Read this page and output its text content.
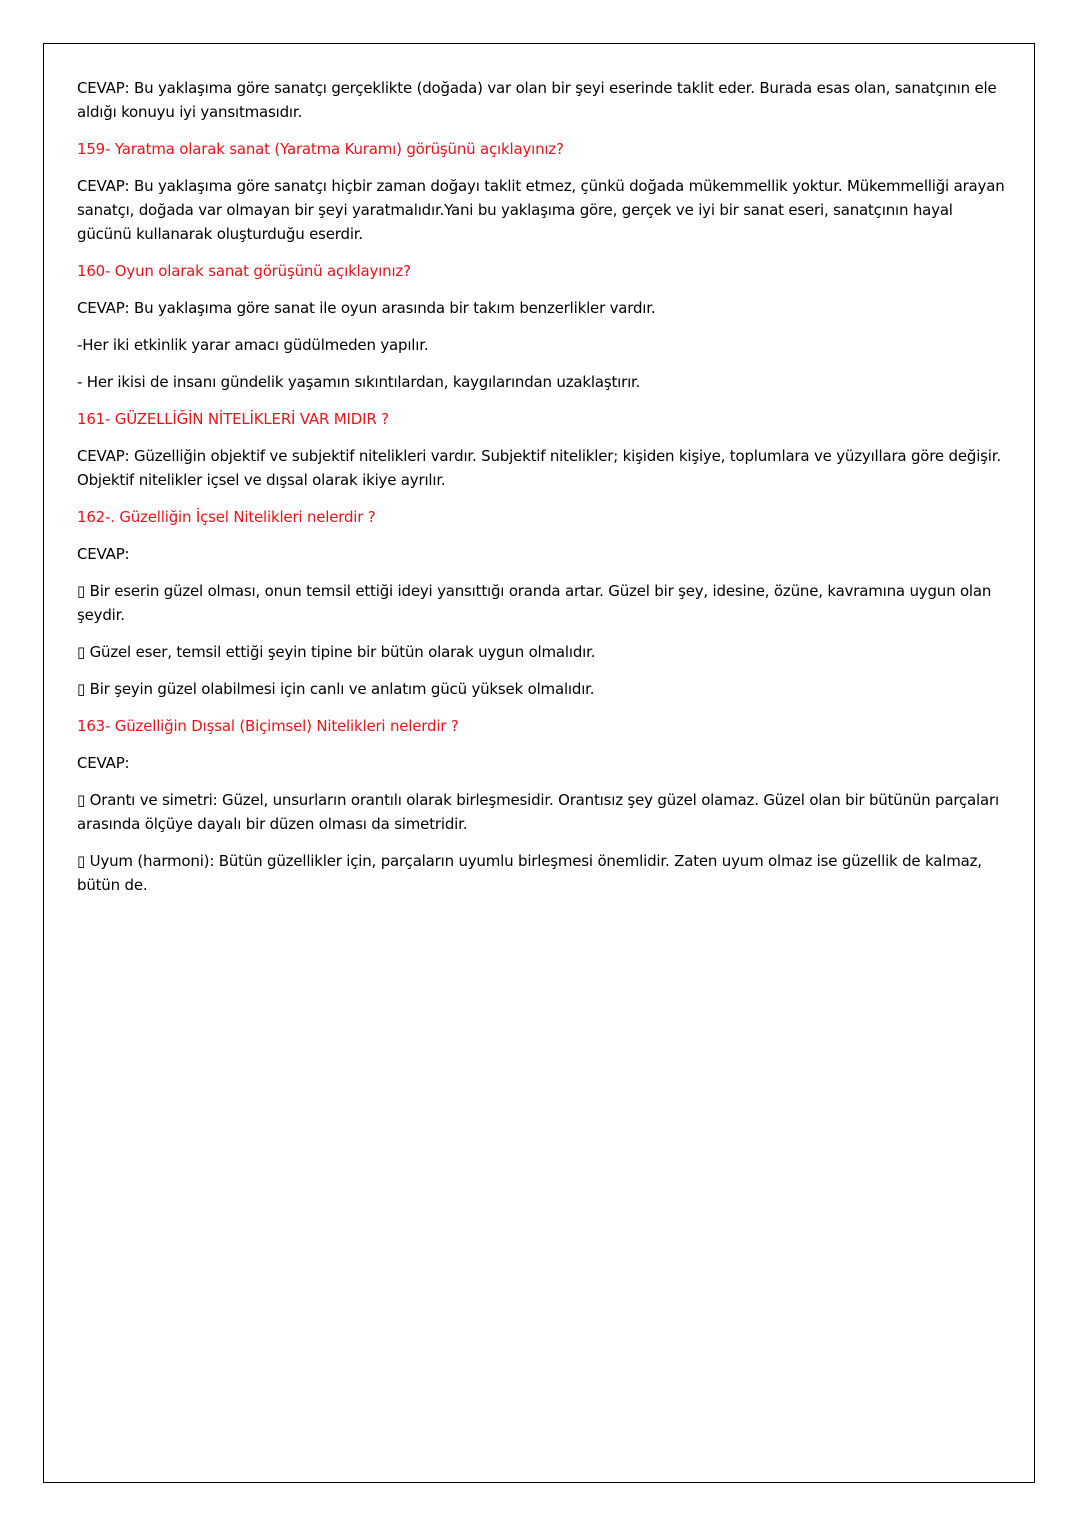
CEVAP: Bu yaklaşıma göre sanatçı gerçeklikte (doğada) var olan bir şeyi eserinde taklit eder. Burada esas olan, sanatçının ele aldığı konuyu iyi yansıtmasıdır.

159- Yaratma olarak sanat (Yaratma Kuramı) görüşünü açıklayınız?

CEVAP: Bu yaklaşıma göre sanatçı hiçbir zaman doğayı taklit etmez, çünkü doğada mükemmellik yoktur. Mükemmelliği arayan sanatçı, doğada var olmayan bir şeyi yaratmalıdır.Yani bu yaklaşıma göre, gerçek ve iyi bir sanat eseri, sanatçının hayal gücünü kullanarak oluşturduğu eserdir.

160- Oyun olarak sanat görüşünü açıklayınız?

CEVAP: Bu yaklaşıma göre sanat ile oyun arasında bir takım benzerlikler vardır.

-Her iki etkinlik yarar amacı güdülmeden yapılır.

- Her ikisi de insanı gündelik yaşamın sıkıntılardan, kaygılarından uzaklaştırır.

161- GÜZELLİĞİN NİTELİKLERİ VAR MIDIR ?

CEVAP: Güzelliğin objektif ve subjektif nitelikleri vardır. Subjektif nitelikler; kişiden kişiye, toplumlara ve yüzyıllara göre değişir. Objektif nitelikler içsel ve dışsal olarak ikiye ayrılır.

162-. Güzelliğin İçsel Nitelikleri nelerdir ?

CEVAP:

▯ Bir eserin güzel olması, onun temsil ettiği ideyi yansıttığı oranda artar. Güzel bir şey, idesine, özüne, kavramına uygun olan şeydir.

▯ Güzel eser, temsil ettiği şeyin tipine bir bütün olarak uygun olmalıdır.

▯ Bir şeyin güzel olabilmesi için canlı ve anlatım gücü yüksek olmalıdır.

163- Güzelliğin Dışsal (Biçimsel) Nitelikleri nelerdir ?

CEVAP:

▯ Orantı ve simetri: Güzel, unsurların orantılı olarak birleşmesidir. Orantısız şey güzel olamaz. Güzel olan bir bütünün parçaları arasında ölçüye dayalı bir düzen olması da simetridir.

▯ Uyum (harmoni): Bütün güzellikler için, parçaların uyumlu birleşmesi önemlidir. Zaten uyum olmaz ise güzellik de kalmaz, bütün de.
